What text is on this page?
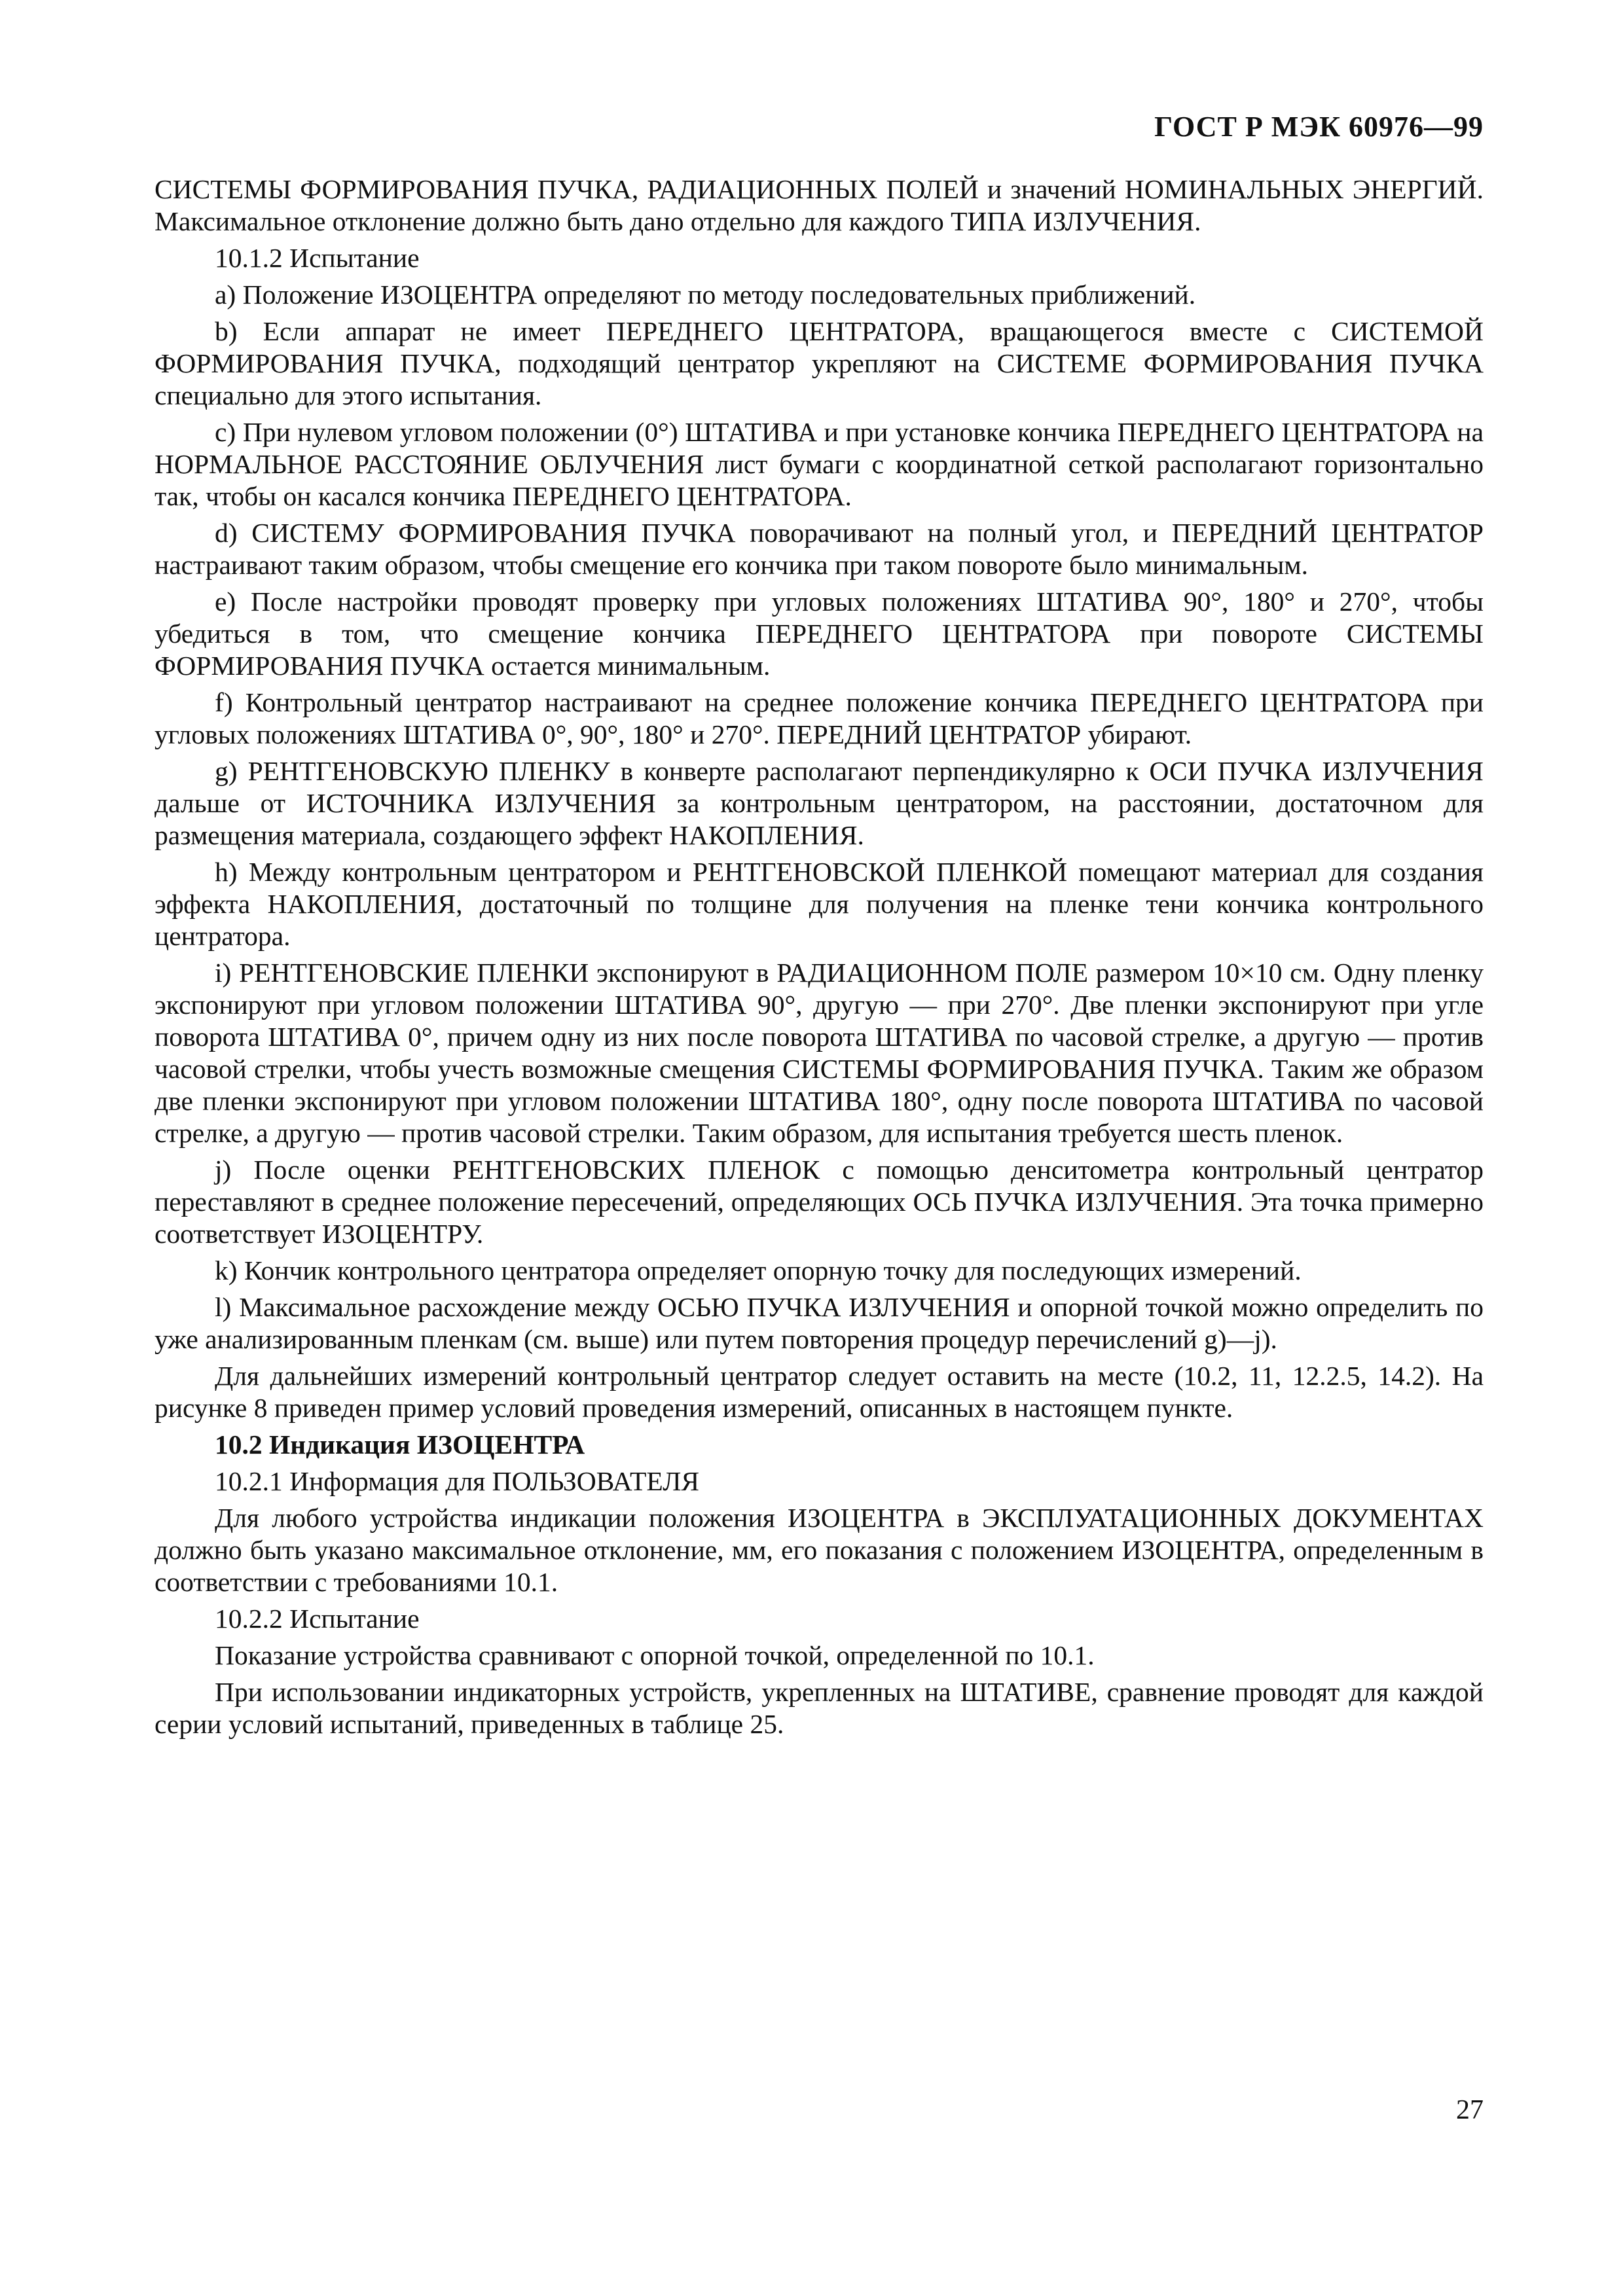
ГОСТ Р МЭК 60976—99

СИСТЕМЫ ФОРМИРОВАНИЯ ПУЧКА, РАДИАЦИОННЫХ ПОЛЕЙ и значений НОМИНАЛЬНЫХ ЭНЕРГИЙ. Максимальное отклонение должно быть дано отдельно для каждого ТИПА ИЗЛУЧЕНИЯ.

10.1.2 Испытание

a) Положение ИЗОЦЕНТРА определяют по методу последовательных приближений.

b) Если аппарат не имеет ПЕРЕДНЕГО ЦЕНТРАТОРА, вращающегося вместе с СИСТЕМОЙ ФОРМИРОВАНИЯ ПУЧКА, подходящий центратор укрепляют на СИСТЕМЕ ФОРМИРОВАНИЯ ПУЧКА специально для этого испытания.

c) При нулевом угловом положении (0°) ШТАТИВА и при установке кончика ПЕРЕДНЕГО ЦЕНТРАТОРА на НОРМАЛЬНОЕ РАССТОЯНИЕ ОБЛУЧЕНИЯ лист бумаги с координатной сеткой располагают горизонтально так, чтобы он касался кончика ПЕРЕДНЕГО ЦЕНТРАТОРА.

d) СИСТЕМУ ФОРМИРОВАНИЯ ПУЧКА поворачивают на полный угол, и ПЕРЕДНИЙ ЦЕНТРАТОР настраивают таким образом, чтобы смещение его кончика при таком повороте было минимальным.

e) После настройки проводят проверку при угловых положениях ШТАТИВА 90°, 180° и 270°, чтобы убедиться в том, что смещение кончика ПЕРЕДНЕГО ЦЕНТРАТОРА при повороте СИСТЕМЫ ФОРМИРОВАНИЯ ПУЧКА остается минимальным.

f) Контрольный центратор настраивают на среднее положение кончика ПЕРЕДНЕГО ЦЕНТРАТОРА при угловых положениях ШТАТИВА 0°, 90°, 180° и 270°. ПЕРЕДНИЙ ЦЕНТРАТОР убирают.

g) РЕНТГЕНОВСКУЮ ПЛЕНКУ в конверте располагают перпендикулярно к ОСИ ПУЧКА ИЗЛУЧЕНИЯ дальше от ИСТОЧНИКА ИЗЛУЧЕНИЯ за контрольным центратором, на расстоянии, достаточном для размещения материала, создающего эффект НАКОПЛЕНИЯ.

h) Между контрольным центратором и РЕНТГЕНОВСКОЙ ПЛЕНКОЙ помещают материал для создания эффекта НАКОПЛЕНИЯ, достаточный по толщине для получения на пленке тени кончика контрольного центратора.

i) РЕНТГЕНОВСКИЕ ПЛЕНКИ экспонируют в РАДИАЦИОННОМ ПОЛЕ размером 10×10 см. Одну пленку экспонируют при угловом положении ШТАТИВА 90°, другую — при 270°. Две пленки экспонируют при угле поворота ШТАТИВА 0°, причем одну из них после поворота ШТАТИВА по часовой стрелке, а другую — против часовой стрелки, чтобы учесть возможные смещения СИСТЕМЫ ФОРМИРОВАНИЯ ПУЧКА. Таким же образом две пленки экспонируют при угловом положении ШТАТИВА 180°, одну после поворота ШТАТИВА по часовой стрелке, а другую — против часовой стрелки. Таким образом, для испытания требуется шесть пленок.

j) После оценки РЕНТГЕНОВСКИХ ПЛЕНОК с помощью денситометра контрольный центратор переставляют в среднее положение пересечений, определяющих ОСЬ ПУЧКА ИЗЛУЧЕНИЯ. Эта точка примерно соответствует ИЗОЦЕНТРУ.

k) Кончик контрольного центратора определяет опорную точку для последующих измерений.

l) Максимальное расхождение между ОСЬЮ ПУЧКА ИЗЛУЧЕНИЯ и опорной точкой можно определить по уже анализированным пленкам (см. выше) или путем повторения процедур перечислений g)—j).

Для дальнейших измерений контрольный центратор следует оставить на месте (10.2, 11, 12.2.5, 14.2). На рисунке 8 приведен пример условий проведения измерений, описанных в настоящем пункте.

10.2 Индикация ИЗОЦЕНТРА

10.2.1 Информация для ПОЛЬЗОВАТЕЛЯ

Для любого устройства индикации положения ИЗОЦЕНТРА в ЭКСПЛУАТАЦИОННЫХ ДОКУМЕНТАХ должно быть указано максимальное отклонение, мм, его показания с положением ИЗОЦЕНТРА, определенным в соответствии с требованиями 10.1.

10.2.2 Испытание

Показание устройства сравнивают с опорной точкой, определенной по 10.1.

При использовании индикаторных устройств, укрепленных на ШТАТИВЕ, сравнение проводят для каждой серии условий испытаний, приведенных в таблице 25.

27
